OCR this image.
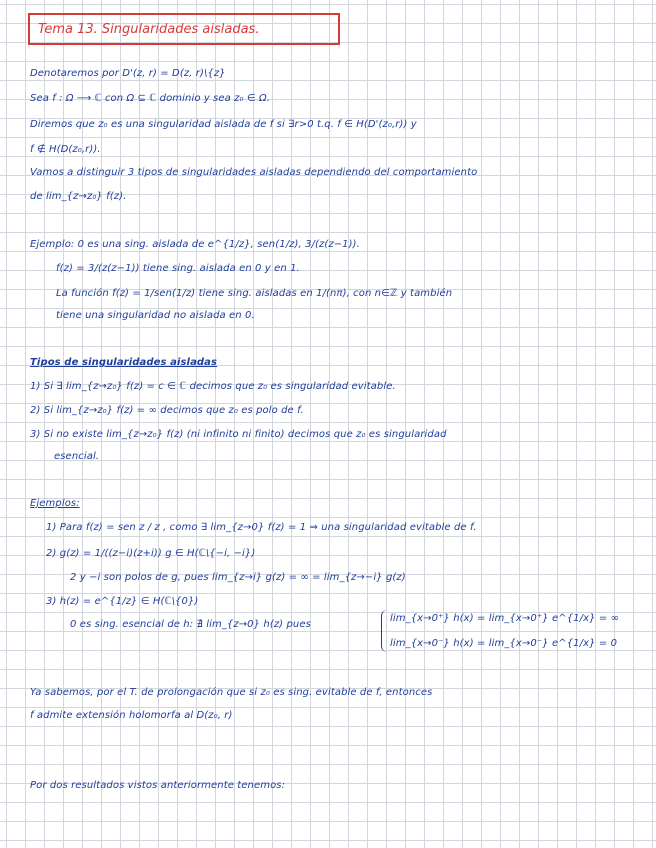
Tema 13. Singularidades aisladas.
Denotaremos por D'(z, r) = D(z, r)\{z}
Sea f : Ω ⟶ ℂ con Ω ⊆ ℂ dominio y sea z₀ ∈ Ω.
Diremos que z₀ es una singularidad aislada de f si ∃r>0 t.q. f ∈ H(D'(z₀,r)) y
f ∉ H(D(z₀,r)).
Vamos a distinguir 3 tipos de singularidades aisladas dependiendo del comportamiento
de lim_{z→z₀} f(z).
Ejemplo: 0 es una sing. aislada de e^{1/z}, sen(1/z), 3/(z(z−1)).
f(z) = 3/(z(z−1)) tiene sing. aislada en 0 y en 1.
La función f(z) = 1/sen(1/z) tiene sing. aisladas en 1/(nπ), con n∈ℤ y también
tiene una singularidad no aislada en 0.
Tipos de singularidades aisladas
1) Si ∃ lim_{z→z₀} f(z) = c ∈ ℂ decimos que z₀ es singularidad evitable.
2) Si lim_{z→z₀} f(z) = ∞ decimos que z₀ es polo de f.
3) Si no existe lim_{z→z₀} f(z) (ni infinito ni finito) decimos que z₀ es singularidad
esencial.
Ejemplos:
1) Para f(z) = sen z / z , como ∃ lim_{z→0} f(z) = 1 ⇒ una singularidad evitable de f.
2) g(z) = 1/((z−i)(z+i)) g ∈ H(ℂ\{−i, −i})
2 y −i son polos de g, pues lim_{z→i} g(z) = ∞ = lim_{z→−i} g(z)
3) h(z) = e^{1/z} ∈ H(ℂ\{0})
0 es sing. esencial de h: ∄ lim_{z→0} h(z) pues
lim_{x→0⁺} h(x) = lim_{x→0⁺} e^{1/x} = ∞
lim_{x→0⁻} h(x) = lim_{x→0⁻} e^{1/x} = 0
Ya sabemos, por el T. de prolongación que si z₀ es sing. evitable de f, entonces
f admite extensión holomorfa al D(z₀, r)
Por dos resultados vistos anteriormente tenemos:
